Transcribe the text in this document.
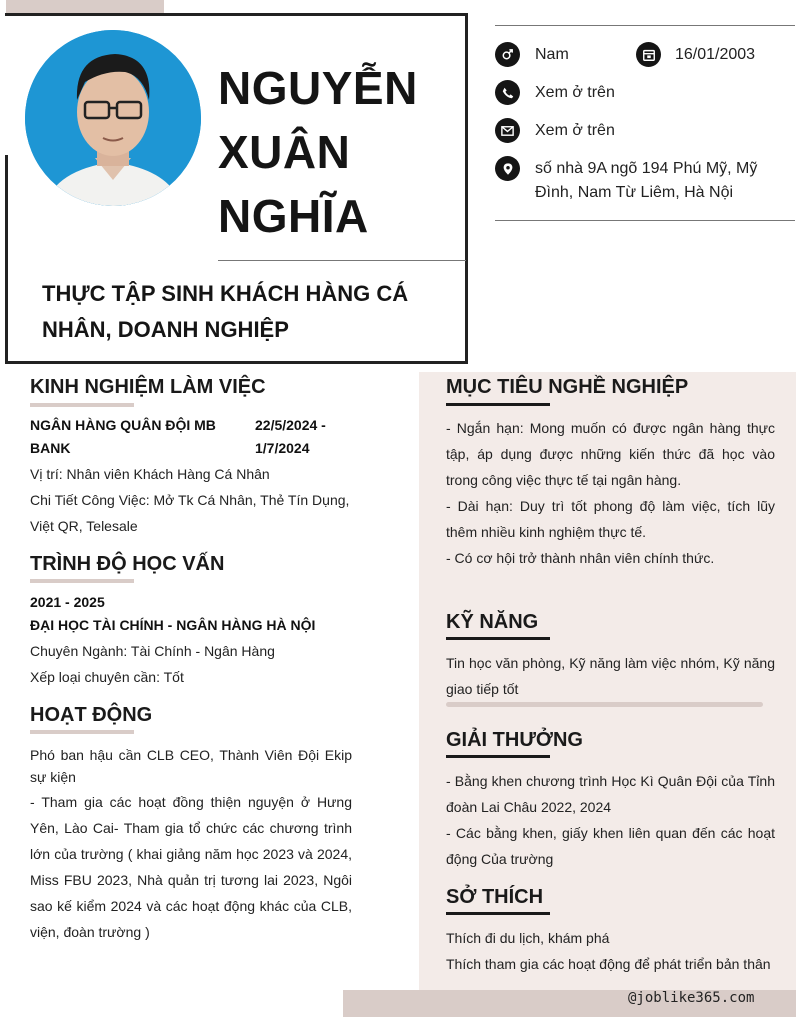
NGUYỄN
XUÂN
NGHĨA
THỰC TẬP SINH KHÁCH HÀNG CÁ NHÂN, DOANH NGHIỆP
Nam	16/01/2003
Xem ở trên
Xem ở trên
số nhà 9A ngõ 194 Phú Mỹ, Mỹ Đình, Nam Từ Liêm, Hà Nội
KINH NGHIỆM LÀM VIỆC
NGÂN HÀNG QUÂN ĐỘI MB BANK
22/5/2024 - 1/7/2024
Vị trí: Nhân viên Khách Hàng Cá Nhân
Chi Tiết Công Việc: Mở Tk Cá Nhân, Thẻ Tín Dụng, Việt QR, Telesale
TRÌNH ĐỘ HỌC VẤN
2021 - 2025
ĐẠI HỌC TÀI CHÍNH - NGÂN HÀNG HÀ NỘI
Chuyên Ngành: Tài Chính - Ngân Hàng
Xếp loại chuyên cần: Tốt
HOẠT ĐỘNG
Phó ban hậu cần CLB CEO, Thành Viên Đội Ekip sự kiện
- Tham gia các hoạt đồng thiện nguyện ở Hưng Yên, Lào Cai- Tham gia tổ chức các chương trình lớn của trường ( khai giảng năm học 2023 và 2024, Miss FBU 2023, Nhà quản trị tương lai 2023, Ngôi sao kế kiểm 2024 và các hoạt động khác của CLB, viện, đoàn trường )
MỤC TIÊU NGHỀ NGHIỆP
- Ngắn hạn: Mong muốn có được ngân hàng thực tập, áp dụng được những kiến thức đã học vào trong công việc thực tế tại ngân hàng.
- Dài hạn: Duy trì tốt phong độ làm việc, tích lũy thêm nhiều kinh nghiệm thực tế.
- Có cơ hội trở thành nhân viên chính thức.
KỸ NĂNG
Tin học văn phòng, Kỹ năng làm việc nhóm, Kỹ năng giao tiếp tốt
GIẢI THƯỞNG
- Bằng khen chương trình Học Kì Quân Đội của Tỉnh đoàn Lai Châu 2022, 2024
- Các bằng khen, giấy khen liên quan đến các hoạt động Của trường
SỞ THÍCH
Thích đi du lịch, khám phá
Thích tham gia các hoạt động để phát triển bản thân
@joblike365.com
